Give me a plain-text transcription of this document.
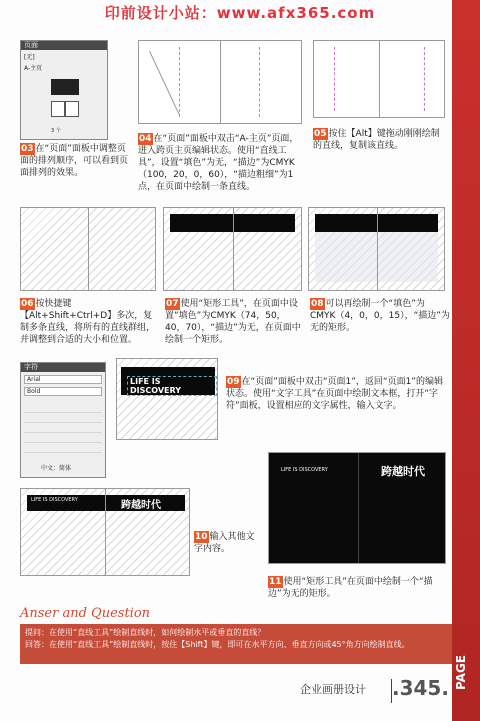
印前设计小站：www.afx365.com
PAGE
页面
[无]
A-主页
3 个
03 在“页面”面板中调整页面的排列顺序，可以看到页面排列的效果。
04 在“页面”面板中双击“A-主页”页面，进入跨页主页编辑状态。使用“直线工具”，设置“填色”为无，“描边”为CMYK（100，20，0，60），“描边粗细”为1点，在页面中绘制一条直线。
05 按住【Alt】键拖动刚刚绘制的直线，复制该直线。
06 按快捷键【Alt+Shift+Ctrl+D】多次，复制多条直线，将所有的直线群组，并调整到合适的大小和位置。
07 使用“矩形工具”，在页面中设置“填色”为CMYK（74，50，40，70），“描边”为无，在页面中绘制一个矩形。
08 可以再绘制一个“填色”为CMYK（4，0，0，15），“描边”为无的矩形。
字符
Arial
Bold
中文：简体
LIFE IS DISCOVERY
09 在“页面”面板中双击“页面1”，返回“页面1”的编辑状态。使用“文字工具”在页面中绘制文本框，打开“字符”面板，设置相应的文字属性，输入文字。
LIFE IS DISCOVERY	跨越时代
10 输入其他文字内容。
LIFE IS DISCOVERY	跨越时代
11 使用“矩形工具”在页面中绘制一个“描边”为无的矩形。
Anser and Question
提问：在使用“直线工具”绘制直线时，如何绘制水平或垂直的直线？
回答：在使用“直线工具”绘制直线时，按住【Shift】键，即可在水平方向、垂直方向或45°角方向绘制直线。
企业画册设计 .345.
